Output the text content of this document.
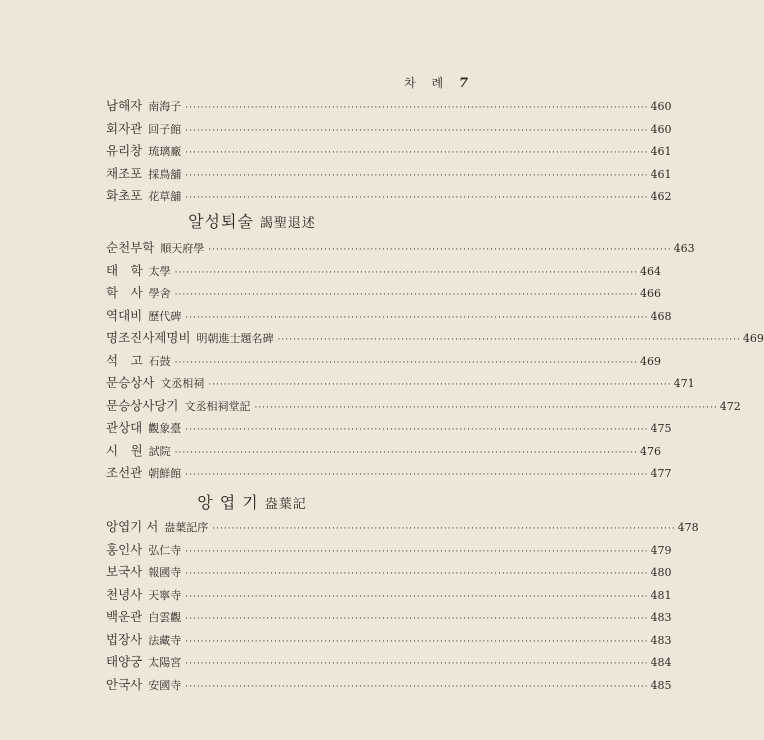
차 례 7
남해자 南海子 ························································································································ 460
회자관 回子館 ························································································································ 460
유리창 琉璃廠 ························································································································ 461
채조포 採鳥舖 ························································································································ 461
화초포 花草舖 ························································································································ 462
알성퇴술 謁聖退述
순천부학 順天府學 ························································································································ 463
태　학 太學 ························································································································ 464
학　사 學舍 ························································································································ 466
역대비 歷代碑 ························································································································ 468
명조진사제명비 明朝進士題名碑 ························································································································ 469
석　고 石鼓 ························································································································ 469
문승상사 文丞相祠 ························································································································ 471
문승상사당기 文丞相祠堂記 ························································································································ 472
관상대 觀象臺 ························································································································ 475
시　원 試院 ························································································································ 476
조선관 朝鮮館 ························································································································ 477
앙 엽 기 盎葉記
앙엽기 서 盎葉記序 ························································································································ 478
홍인사 弘仁寺 ························································································································ 479
보국사 報國寺 ························································································································ 480
천녕사 天寧寺 ························································································································ 481
백운관 白雲觀 ························································································································ 483
법장사 法藏寺 ························································································································ 483
태양궁 太陽宮 ························································································································ 484
안국사 安國寺 ························································································································ 485
